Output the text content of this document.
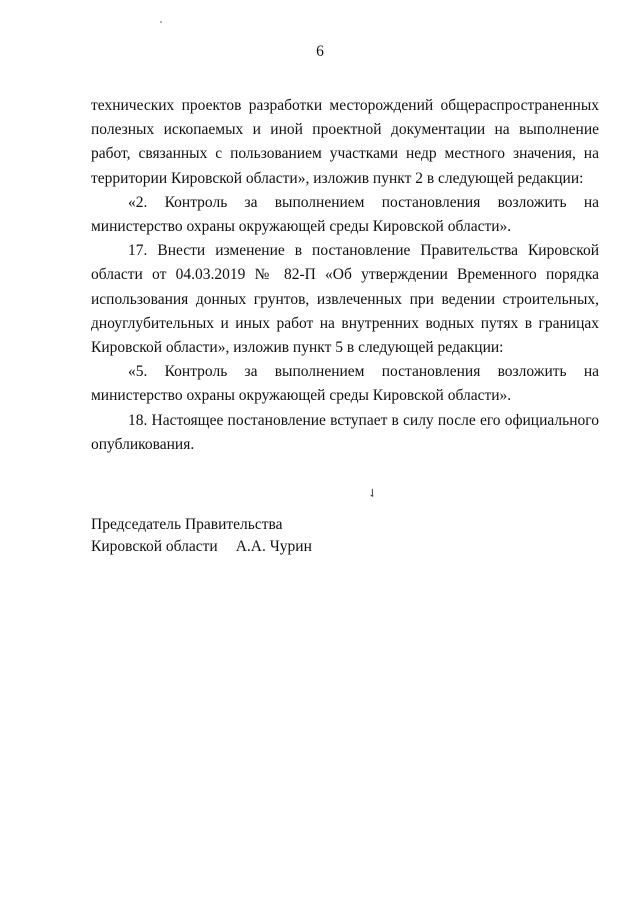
6

технических проектов разработки месторождений общераспространенных полезных ископаемых и иной проектной документации на выполнение работ, связанных с пользованием участками недр местного значения, на территории Кировской области», изложив пункт 2 в следующей редакции:

«2. Контроль за выполнением постановления возложить на министерство охраны окружающей среды Кировской области».

17. Внести изменение в постановление Правительства Кировской области от 04.03.2019 № 82-П «Об утверждении Временного порядка использования донных грунтов, извлеченных при ведении строительных, дноуглубительных и иных работ на внутренних водных путях в границах Кировской области», изложив пункт 5 в следующей редакции:

«5. Контроль за выполнением постановления возложить на министерство охраны окружающей среды Кировской области».

18. Настоящее постановление вступает в силу после его официального опубликования.

✓
Председатель Правительства
Кировской области А.А. Чурин
